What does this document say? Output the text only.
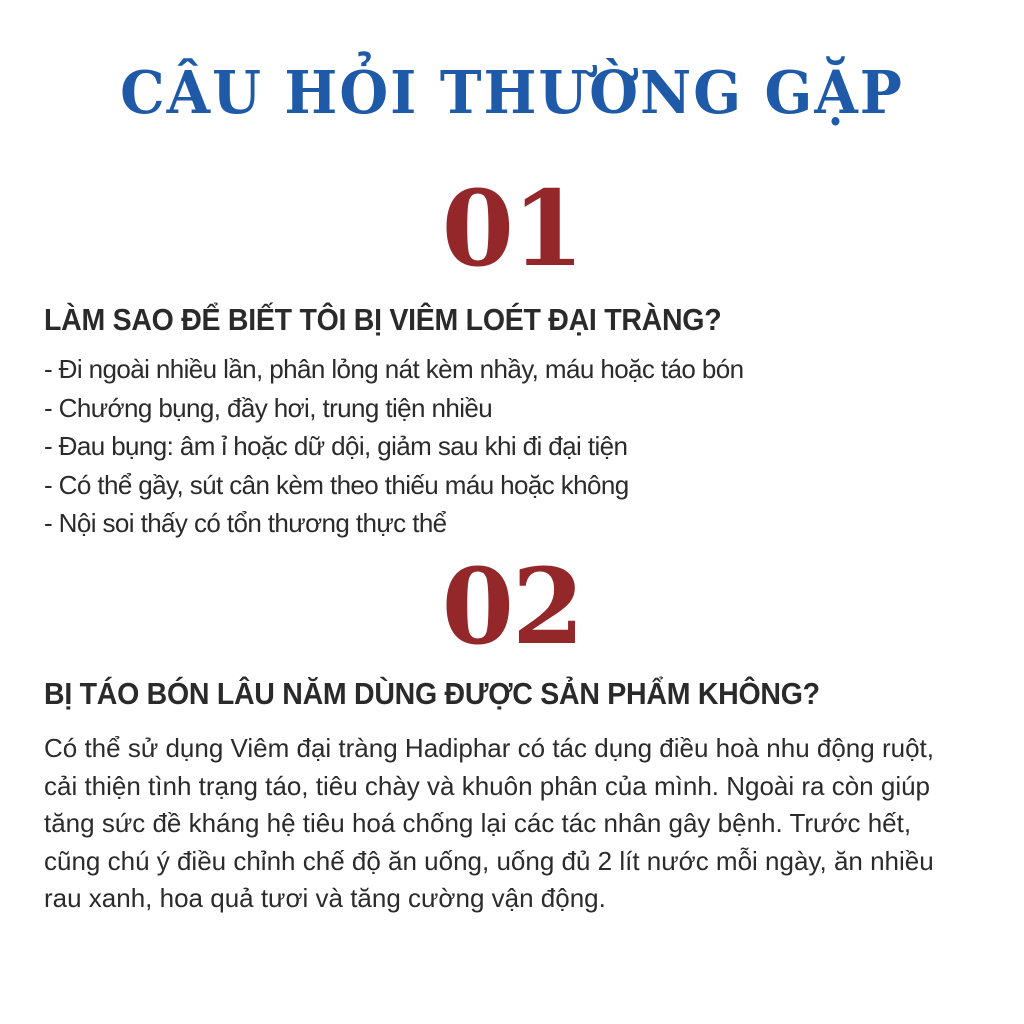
CÂU HỎI THƯỜNG GẶP
01
LÀM SAO ĐỂ BIẾT TÔI BỊ VIÊM LOÉT ĐẠI TRÀNG?
- Đi ngoài nhiều lần, phân lỏng nát kèm nhầy, máu hoặc táo bón
- Chướng bụng, đầy hơi, trung tiện nhiều
- Đau bụng: âm ỉ hoặc dữ dội, giảm sau khi đi đại tiện
- Có thể gầy, sút cân kèm theo thiếu máu hoặc không
- Nội soi thấy có tổn thương thực thể
02
BỊ TÁO BÓN LÂU NĂM DÙNG ĐƯỢC SẢN PHẨM KHÔNG?

Có thể sử dụng Viêm đại tràng Hadiphar có tác dụng điều hoà nhu động ruột,
cải thiện tình trạng táo, tiêu chày và khuôn phân của mình. Ngoài ra còn giúp
tăng sức đề kháng hệ tiêu hoá chống lại các tác nhân gây bệnh. Trước hết,
cũng chú ý điều chỉnh chế độ ăn uống, uống đủ 2 lít nước mỗi ngày, ăn nhiều
rau xanh, hoa quả tươi và tăng cường vận động.
